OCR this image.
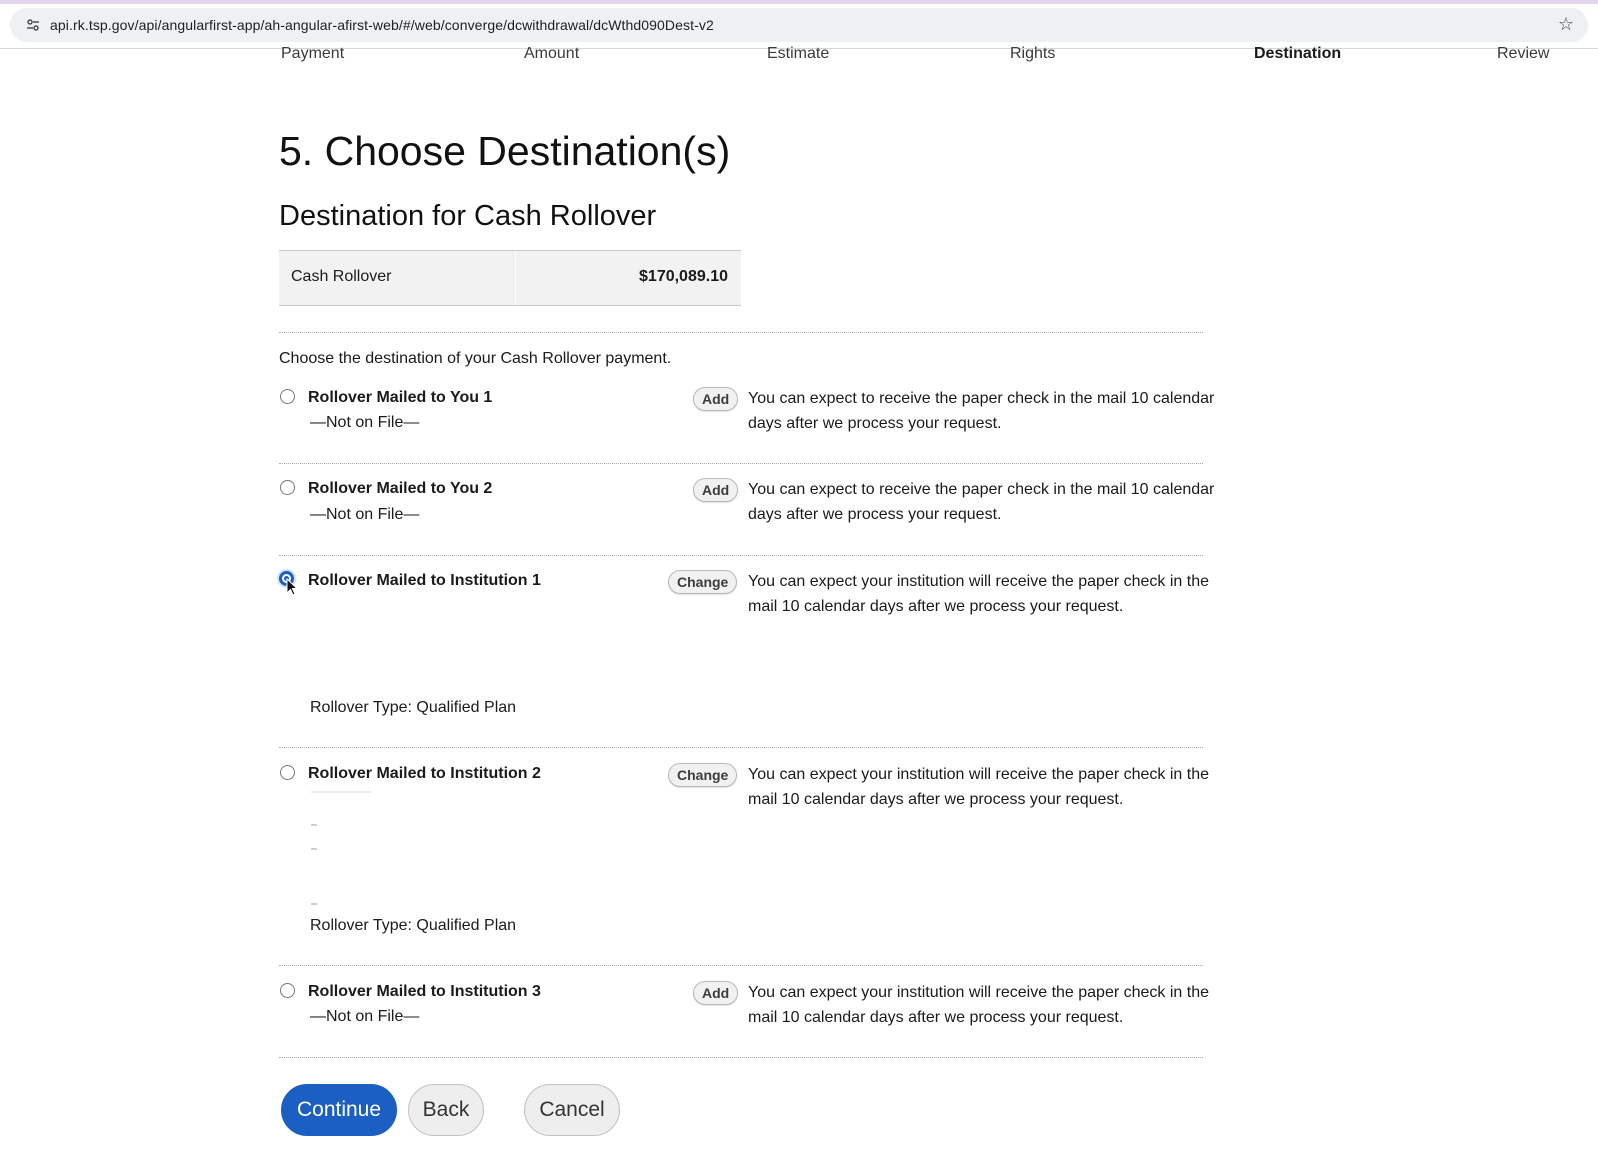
api.rk.tsp.gov/api/angularfirst-app/ah-angular-afirst-web/#/web/converge/dcwithdrawal/dcWthd090Dest-v2	☆
Payment	Amount	Estimate	Rights	Destination	Review
5. Choose Destination(s)
Destination for Cash Rollover
Cash Rollover	$170,089.10
Choose the destination of your Cash Rollover payment.
Rollover Mailed to You 1
—Not on File—
Add	You can expect to receive the paper check in the mail 10 calendar days after we process your request.
Rollover Mailed to You 2
—Not on File—
Add	You can expect to receive the paper check in the mail 10 calendar days after we process your request.
Rollover Mailed to Institution 1	Change	You can expect your institution will receive the paper check in the mail 10 calendar days after we process your request.
Rollover Type: Qualified Plan
Rollover Mailed to Institution 2	Change	You can expect your institution will receive the paper check in the mail 10 calendar days after we process your request.
Rollover Type: Qualified Plan
Rollover Mailed to Institution 3
—Not on File—
Add	You can expect your institution will receive the paper check in the mail 10 calendar days after we process your request.
Continue	Back	Cancel
